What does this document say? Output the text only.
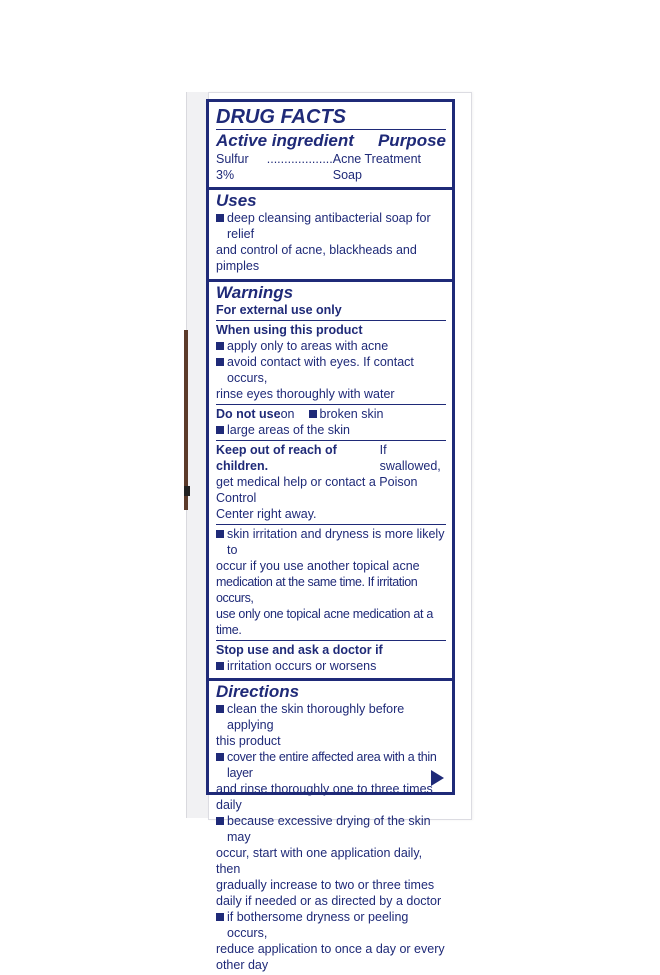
DRUG FACTS
Active ingredient Purpose
Sulfur 3%
................... Acne Treatment Soap
Uses
deep cleansing antibacterial soap for relief
and control of acne, blackheads and pimples
Warnings
For external use only
When using this product
apply only to areas with acne
avoid contact with eyes. If contact occurs,
rinse eyes thoroughly with water
Do not use on broken skin
large areas of the skin
Keep out of reach of children.
If swallowed,
get medical help or contact a Poison Control
Center right away.
skin irritation and dryness is more likely to
occur if you use another topical acne
medication at the same time. If irritation occurs,
use only one topical acne medication at a time.
Stop use and ask a doctor if
irritation occurs or worsens
Directions
clean the skin thoroughly before applying
this product
cover the entire affected area with a thin layer
and rinse thoroughly one to three times daily
because excessive drying of the skin may
occur, start with one application daily, then
gradually increase to two or three times
daily if needed or as directed by a doctor
if bothersome dryness or peeling occurs,
reduce application to once a day or every
other day
